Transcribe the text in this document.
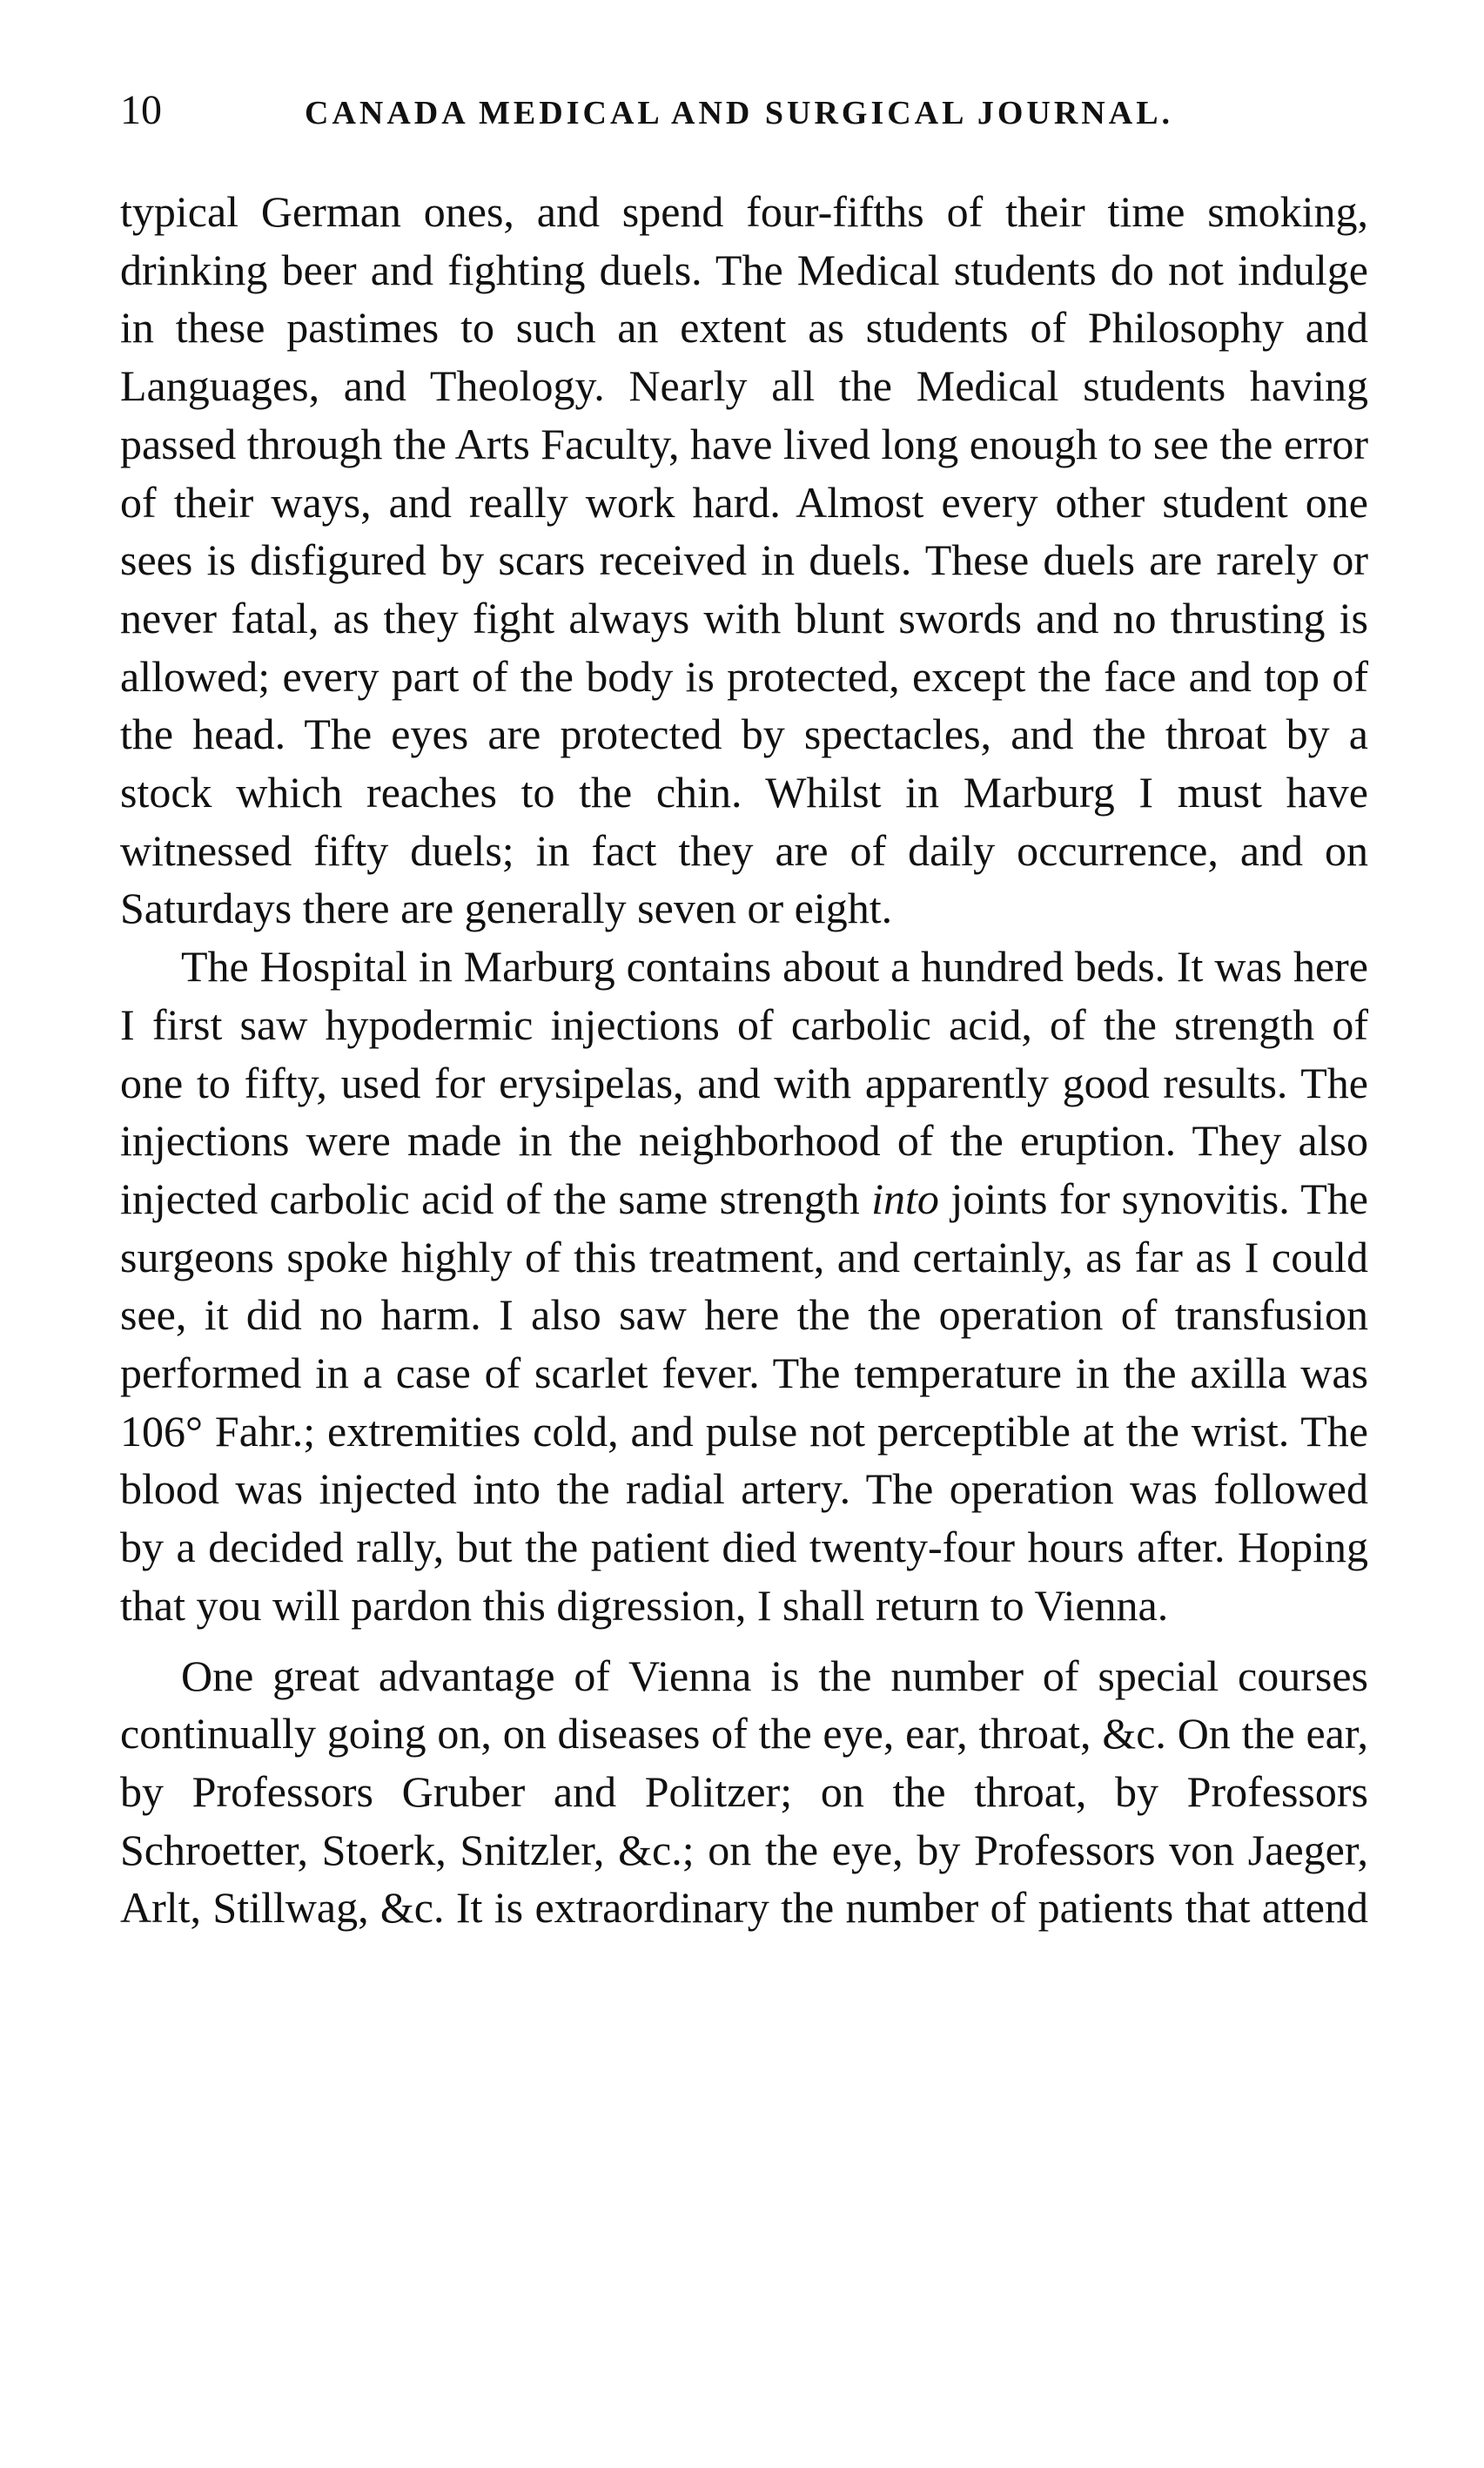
10	CANADA MEDICAL AND SURGICAL JOURNAL.

typical German ones, and spend four-fifths of their time smoking, drinking beer and fighting duels. The Medical students do not indulge in these pastimes to such an extent as students of Philosophy and Languages, and Theology. Nearly all the Medical students having passed through the Arts Faculty, have lived long enough to see the error of their ways, and really work hard. Almost every other student one sees is disfigured by scars received in duels. These duels are rarely or never fatal, as they fight always with blunt swords and no thrusting is allowed; every part of the body is protected, except the face and top of the head. The eyes are protected by spectacles, and the throat by a stock which reaches to the chin. Whilst in Marburg I must have witnessed fifty duels; in fact they are of daily occurrence, and on Saturdays there are generally seven or eight.

The Hospital in Marburg contains about a hundred beds. It was here I first saw hypodermic injections of carbolic acid, of the strength of one to fifty, used for erysipelas, and with apparently good results. The injections were made in the neighborhood of the eruption. They also injected carbolic acid of the same strength into joints for synovitis. The surgeons spoke highly of this treatment, and certainly, as far as I could see, it did no harm. I also saw here the the operation of transfusion performed in a case of scarlet fever. The temperature in the axilla was 106° Fahr.; extremities cold, and pulse not perceptible at the wrist. The blood was injected into the radial artery. The operation was followed by a decided rally, but the patient died twenty-four hours after. Hoping that you will pardon this digression, I shall return to Vienna.

One great advantage of Vienna is the number of special courses continually going on, on diseases of the eye, ear, throat, &c. On the ear, by Professors Gruber and Politzer; on the throat, by Professors Schroetter, Stoerk, Snitzler, &c.; on the eye, by Professors von Jaeger, Arlt, Stillwag, &c. It is extraordinary the number of patients that attend
